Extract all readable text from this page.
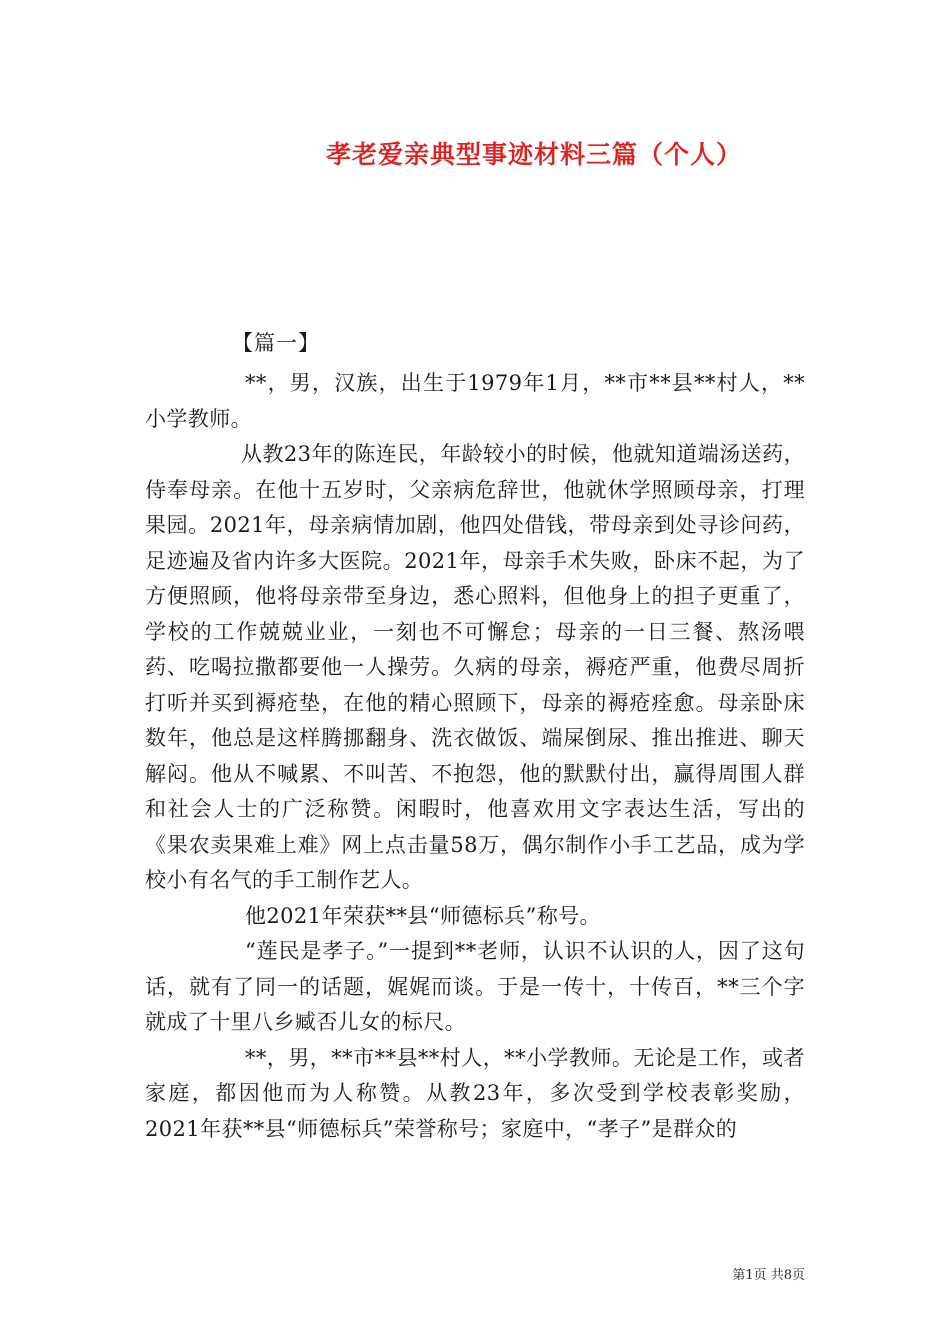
孝老爱亲典型事迹材料三篇（个人）
【篇一】

**，男，汉族，出生于1979年1月，**市**县**村人，**小学教师。

从教23年的陈连民，年龄较小的时候，他就知道端汤送药，侍奉母亲。在他十五岁时，父亲病危辞世，他就休学照顾母亲，打理果园。2021年，母亲病情加剧，他四处借钱，带母亲到处寻诊问药，足迹遍及省内许多大医院。2021年，母亲手术失败，卧床不起，为了方便照顾，他将母亲带至身边，悉心照料，但他身上的担子更重了，学校的工作兢兢业业，一刻也不可懈怠；母亲的一日三餐、熬汤喂药、吃喝拉撒都要他一人操劳。久病的母亲，褥疮严重，他费尽周折打听并买到褥疮垫，在他的精心照顾下，母亲的褥疮痊愈。母亲卧床数年，他总是这样腾挪翻身、洗衣做饭、端屎倒尿、推出推进、聊天解闷。他从不喊累、不叫苦、不抱怨，他的默默付出，赢得周围人群和社会人士的广泛称赞。闲暇时，他喜欢用文字表达生活，写出的《果农卖果难上难》网上点击量58万，偶尔制作小手工艺品，成为学校小有名气的手工制作艺人。

他2021年荣获**县“师德标兵”称号。

“莲民是孝子。”一提到**老师，认识不认识的人，因了这句话，就有了同一的话题，娓娓而谈。于是一传十，十传百，**三个字就成了十里八乡臧否儿女的标尺。

**，男，**市**县**村人，**小学教师。无论是工作，或者家庭，都因他而为人称赞。从教23年，多次受到学校表彰奖励，2021年获**县“师德标兵”荣誉称号；家庭中，“孝子”是群众的

第1页 共8页
